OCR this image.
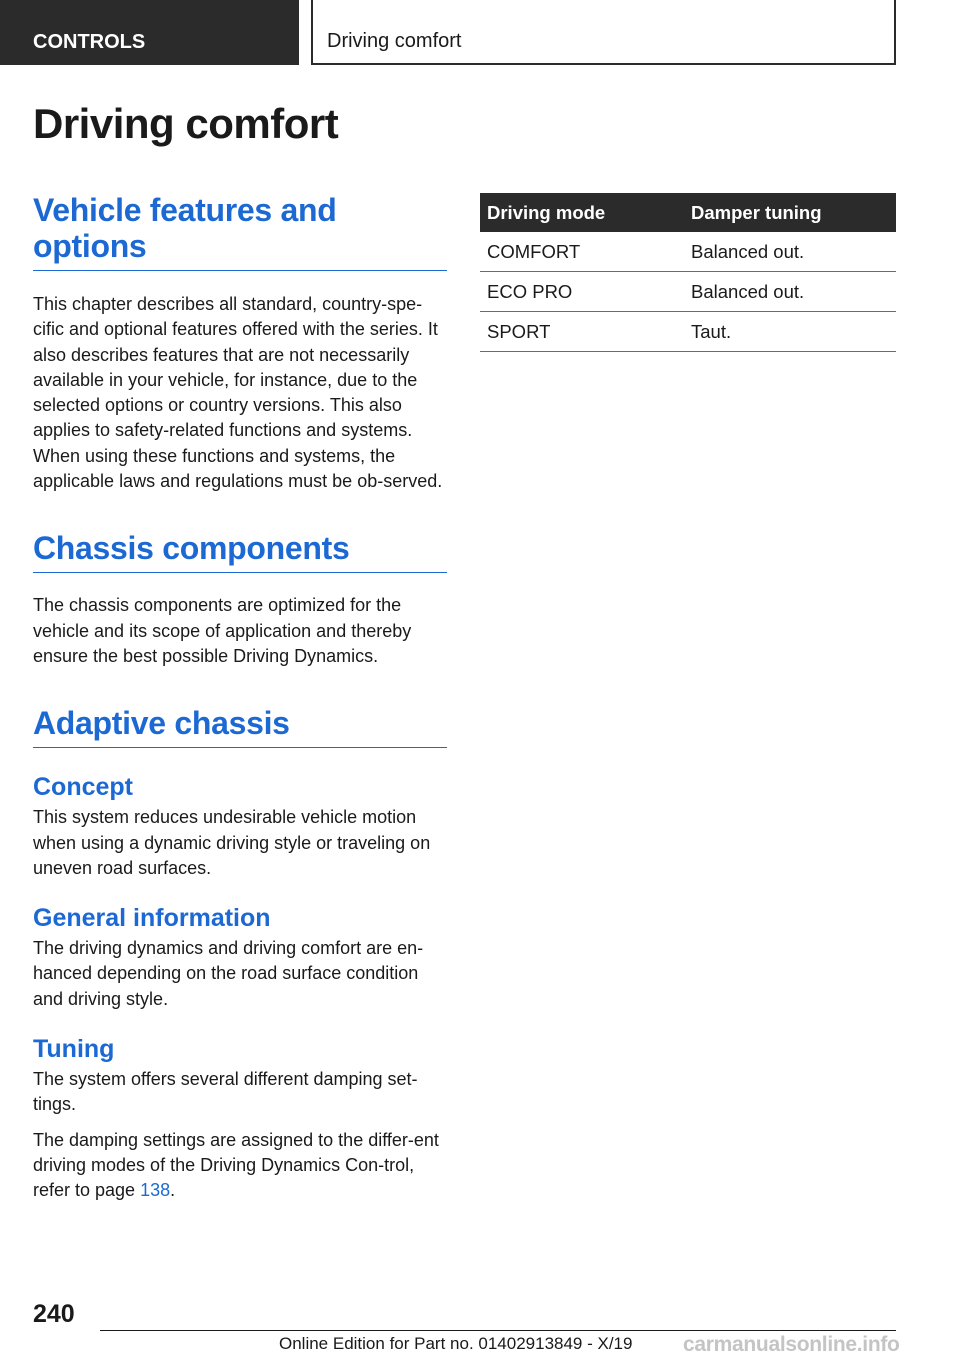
CONTROLS	Driving comfort
Driving comfort
Vehicle features and options

This chapter describes all standard, country-spe-cific and optional features offered with the series. It also describes features that are not necessarily available in your vehicle, for instance, due to the selected options or country versions. This also applies to safety-related functions and systems. When using these functions and systems, the applicable laws and regulations must be ob-served.

Chassis components

The chassis components are optimized for the vehicle and its scope of application and thereby ensure the best possible Driving Dynamics.

Adaptive chassis
Concept

This system reduces undesirable vehicle motion when using a dynamic driving style or traveling on uneven road surfaces.

General information

The driving dynamics and driving comfort are en-hanced depending on the road surface condition and driving style.

Tuning

The system offers several different damping set-tings.

The damping settings are assigned to the differ-ent driving modes of the Driving Dynamics Con-trol, refer to page 138.

Driving mode	Damper tuning
COMFORT	Balanced out.
ECO PRO	Balanced out.
SPORT	Taut.
240
Online Edition for Part no. 01402913849 - X/19 carmanualsonline.info
